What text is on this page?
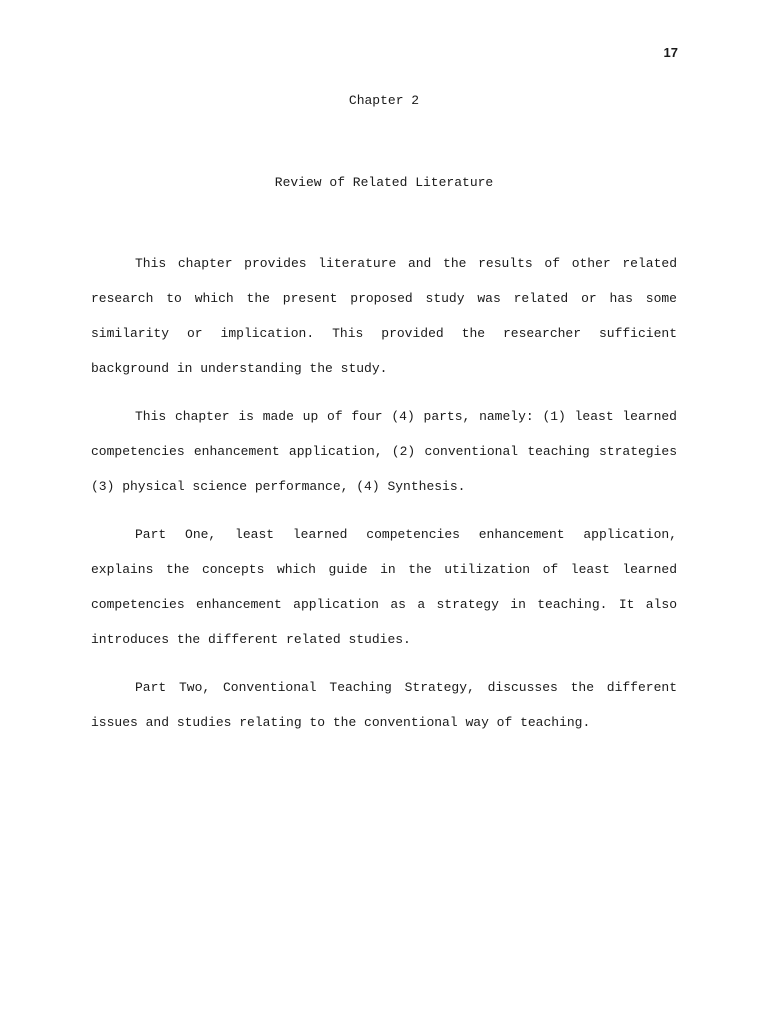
17

Chapter 2
Review of Related Literature

This chapter provides literature and the results of other related research to which the present proposed study was related or has some similarity or implication. This provided the researcher sufficient background in understanding the study.

This chapter is made up of four (4) parts, namely: (1) least learned competencies enhancement application, (2) conventional teaching strategies (3) physical science performance, (4) Synthesis.

Part One, least learned competencies enhancement application, explains the concepts which guide in the utilization of least learned competencies enhancement application as a strategy in teaching. It also introduces the different related studies.

Part Two, Conventional Teaching Strategy, discusses the different issues and studies relating to the conventional way of teaching.
